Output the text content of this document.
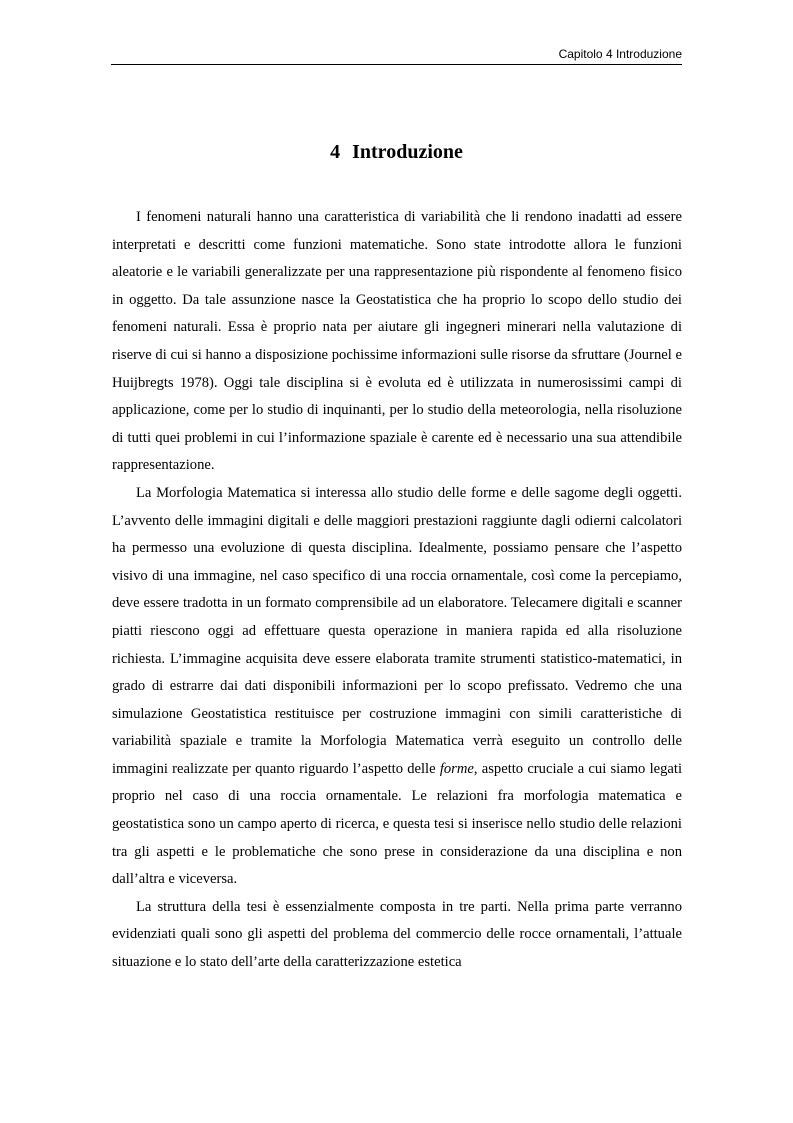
Capitolo 4 Introduzione
4 Introduzione

I fenomeni naturali hanno una caratteristica di variabilità che li rendono inadatti ad essere interpretati e descritti come funzioni matematiche. Sono state introdotte allora le funzioni aleatorie e le variabili generalizzate per una rappresentazione più rispondente al fenomeno fisico in oggetto. Da tale assunzione nasce la Geostatistica che ha proprio lo scopo dello studio dei fenomeni naturali. Essa è proprio nata per aiutare gli ingegneri minerari nella valutazione di riserve di cui si hanno a disposizione pochissime informazioni sulle risorse da sfruttare (Journel e Huijbregts 1978). Oggi tale disciplina si è evoluta ed è utilizzata in numerosissimi campi di applicazione, come per lo studio di inquinanti, per lo studio della meteorologia, nella risoluzione di tutti quei problemi in cui l’informazione spaziale è carente ed è necessario una sua attendibile rappresentazione.

La Morfologia Matematica si interessa allo studio delle forme e delle sagome degli oggetti. L’avvento delle immagini digitali e delle maggiori prestazioni raggiunte dagli odierni calcolatori ha permesso una evoluzione di questa disciplina. Idealmente, possiamo pensare che l’aspetto visivo di una immagine, nel caso specifico di una roccia ornamentale, così come la percepiamo, deve essere tradotta in un formato comprensibile ad un elaboratore. Telecamere digitali e scanner piatti riescono oggi ad effettuare questa operazione in maniera rapida ed alla risoluzione richiesta. L’immagine acquisita deve essere elaborata tramite strumenti statistico-matematici, in grado di estrarre dai dati disponibili informazioni per lo scopo prefissato. Vedremo che una simulazione Geostatistica restituisce per costruzione immagini con simili caratteristiche di variabilità spaziale e tramite la Morfologia Matematica verrà eseguito un controllo delle immagini realizzate per quanto riguardo l’aspetto delle forme, aspetto cruciale a cui siamo legati proprio nel caso di una roccia ornamentale. Le relazioni fra morfologia matematica e geostatistica sono un campo aperto di ricerca, e questa tesi si inserisce nello studio delle relazioni tra gli aspetti e le problematiche che sono prese in considerazione da una disciplina e non dall’altra e viceversa.

La struttura della tesi è essenzialmente composta in tre parti. Nella prima parte verranno evidenziati quali sono gli aspetti del problema del commercio delle rocce ornamentali, l’attuale situazione e lo stato dell’arte della caratterizzazione estetica
